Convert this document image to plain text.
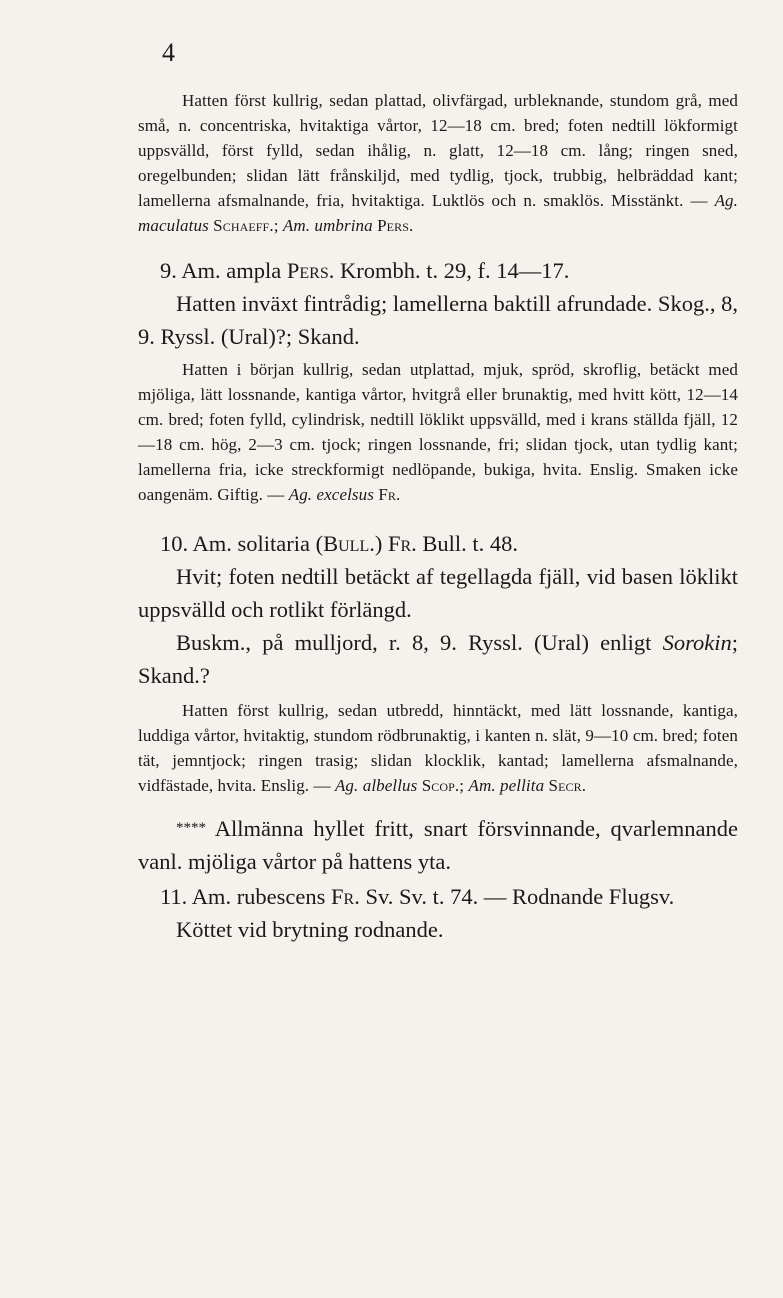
4

Hatten först kullrig, sedan plattad, olivfärgad, urbleknande, stundom grå, med små, n. concentriska, hvitaktiga vårtor, 12—18 cm. bred; foten nedtill lökformigt uppsvälld, först fylld, sedan ihålig, n. glatt, 12—18 cm. lång; ringen sned, oregelbunden; slidan lätt frånskiljd, med tydlig, tjock, trubbig, helbräddad kant; lamellerna afsmalnande, fria, hvitaktiga. Luktlös och n. smaklös. Misstänkt. — Ag. maculatus Schaeff.; Am. umbrina Pers.

9. Am. ampla Pers. Krombh. t. 29, f. 14—17.

Hatten inväxt fintrådig; lamellerna baktill afrundade. Skog., 8, 9. Ryssl. (Ural)?; Skand.

Hatten i början kullrig, sedan utplattad, mjuk, spröd, skroflig, betäckt med mjöliga, lätt lossnande, kantiga vårtor, hvitgrå eller brunaktig, med hvitt kött, 12—14 cm. bred; foten fylld, cylindrisk, nedtill löklikt uppsvälld, med i krans ställda fjäll, 12—18 cm. hög, 2—3 cm. tjock; ringen lossnande, fri; slidan tjock, utan tydlig kant; lamellerna fria, icke streckformigt nedlöpande, bukiga, hvita. Enslig. Smaken icke oangenäm. Giftig. — Ag. excelsus Fr.

10. Am. solitaria (Bull.) Fr. Bull. t. 48.

Hvit; foten nedtill betäckt af tegellagda fjäll, vid basen löklikt uppsvälld och rotlikt förlängd.

Buskm., på mulljord, r. 8, 9. Ryssl. (Ural) enligt Sorokin; Skand.?

Hatten först kullrig, sedan utbredd, hinntäckt, med lätt lossnande, kantiga, luddiga vårtor, hvitaktig, stundom rödbrunaktig, i kanten n. slät, 9—10 cm. bred; foten tät, jemntjock; ringen trasig; slidan klocklik, kantad; lamellerna afsmalnande, vidfästade, hvita. Enslig. — Ag. albellus Scop.; Am. pellita Secr.

**** Allmänna hyllet fritt, snart försvinnande, qvarlemnande vanl. mjöliga vårtor på hattens yta.

11. Am. rubescens Fr. Sv. Sv. t. 74. — Rodnande Flugsv.

Köttet vid brytning rodnande.
